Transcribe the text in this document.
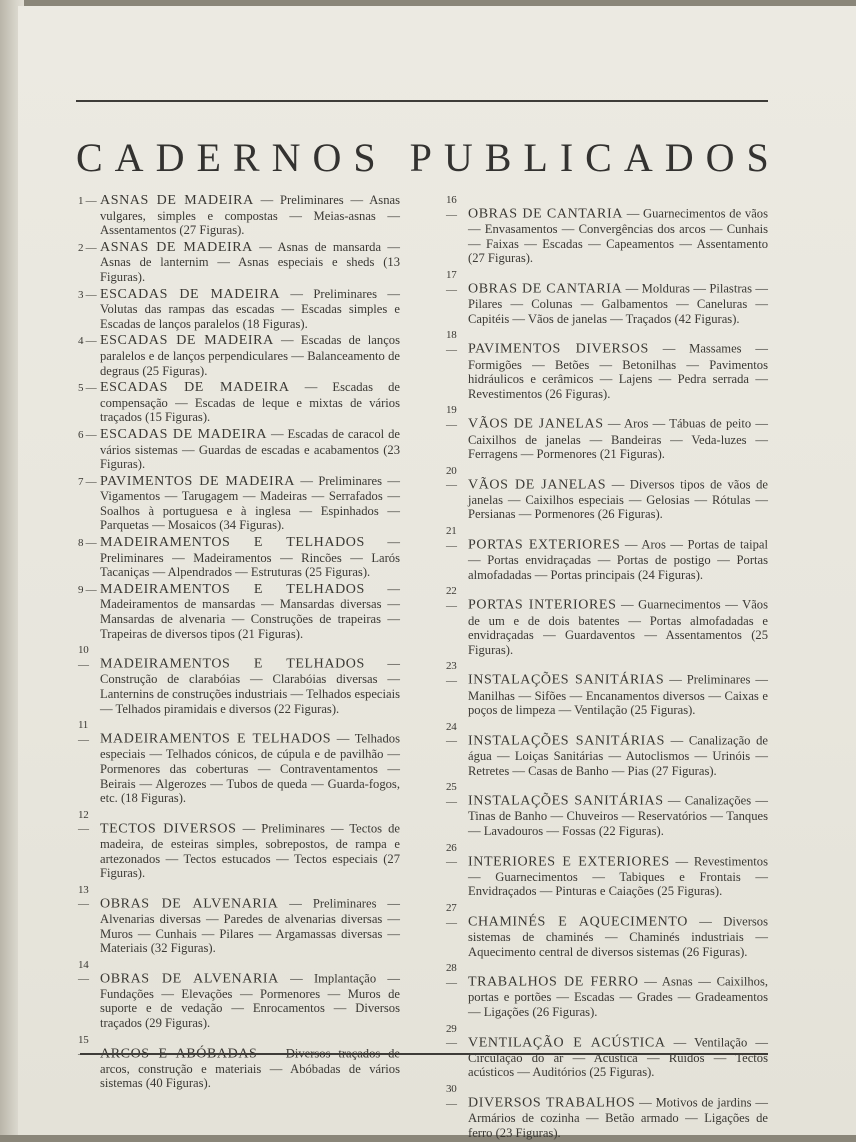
CADERNOS PUBLICADOS

1 —ASNAS DE MADEIRA — Preliminares — Asnas vulgares, simples e compostas — Meias-asnas — Assentamentos (27 Figuras).

2 —ASNAS DE MADEIRA — Asnas de mansarda — Asnas de lanternim — Asnas especiais e sheds (13 Figuras).

3 —ESCADAS DE MADEIRA — Preliminares — Volutas das rampas das escadas — Escadas simples e Escadas de lanços paralelos (18 Figuras).

4 —ESCADAS DE MADEIRA — Escadas de lanços paralelos e de lanços perpendiculares — Balanceamento de degraus (25 Figuras).

5 —ESCADAS DE MADEIRA — Escadas de compensação — Escadas de leque e mixtas de vários traçados (15 Figuras).

6 —ESCADAS DE MADEIRA — Escadas de caracol de vários sistemas — Guardas de escadas e acabamentos (23 Figuras).

7 —PAVIMENTOS DE MADEIRA — Preliminares — Vigamentos — Tarugagem — Madeiras — Serrafados — Soalhos à portuguesa e à inglesa — Espinhados — Parquetas — Mosaicos (34 Figuras).

8 —MADEIRAMENTOS E TELHADOS — Preliminares — Madeiramentos — Rincões — Larós Tacaniças — Alpendrados — Estruturas (25 Figuras).

9 —MADEIRAMENTOS E TELHADOS — Madeiramentos de mansardas — Mansardas diversas — Mansardas de alvenaria — Construções de trapeiras — Trapeiras de diversos tipos (21 Figuras).

10 —MADEIRAMENTOS E TELHADOS — Construção de clarabóias — Clarabóias diversas — Lanternins de construções industriais — Telhados especiais — Telhados piramidais e diversos (22 Figuras).

11 —MADEIRAMENTOS E TELHADOS — Telhados especiais — Telhados cónicos, de cúpula e de pavilhão — Pormenores das coberturas — Contraventamentos — Beirais — Algerozes — Tubos de queda — Guarda-fogos, etc. (18 Figuras).

12 —TECTOS DIVERSOS — Preliminares — Tectos de madeira, de esteiras simples, sobrepostos, de rampa e artezonados — Tectos estucados — Tectos especiais (27 Figuras).

13 —OBRAS DE ALVENARIA — Preliminares — Alvenarias diversas — Paredes de alvenarias diversas — Muros — Cunhais — Pilares — Argamassas diversas — Materiais (32 Figuras).

14 —OBRAS DE ALVENARIA — Implantação — Fundações — Elevações — Pormenores — Muros de suporte e de vedação — Enrocamentos — Diversos traçados (29 Figuras).

15 —ARCOS E ABÓBADAS — Diversos traçados de arcos, construção e materiais — Abóbadas de vários sistemas (40 Figuras).

16 —OBRAS DE CANTARIA — Guarnecimentos de vãos — Envasamentos — Convergências dos arcos — Cunhais — Faixas — Escadas — Capeamentos — Assentamento (27 Figuras).

17 —OBRAS DE CANTARIA — Molduras — Pilastras — Pilares — Colunas — Galbamentos — Caneluras — Capitéis — Vãos de janelas — Traçados (42 Figuras).

18 —PAVIMENTOS DIVERSOS — Massames — Formigões — Betões — Betonilhas — Pavimentos hidráulicos e cerâmicos — Lajens — Pedra serrada — Revestimentos (26 Figuras).

19 —VÃOS DE JANELAS — Aros — Tábuas de peito — Caixilhos de janelas — Bandeiras — Veda-luzes — Ferragens — Pormenores (21 Figuras).

20 —VÃOS DE JANELAS — Diversos tipos de vãos de janelas — Caixilhos especiais — Gelosias — Rótulas — Persianas — Pormenores (26 Figuras).

21 —PORTAS EXTERIORES — Aros — Portas de taipal — Portas envidraçadas — Portas de postigo — Portas almofadadas — Portas principais (24 Figuras).

22 —PORTAS INTERIORES — Guarnecimentos — Vãos de um e de dois batentes — Portas almofadadas e envidraçadas — Guardaventos — Assentamentos (25 Figuras).

23 —INSTALAÇÕES SANITÁRIAS — Preliminares — Manilhas — Sifões — Encanamentos diversos — Caixas e poços de limpeza — Ventilação (25 Figuras).

24 —INSTALAÇÕES SANITÁRIAS — Canalização de água — Loiças Sanitárias — Autoclismos — Urinóis — Retretes — Casas de Banho — Pias (27 Figuras).

25 —INSTALAÇÕES SANITÁRIAS — Canalizações — Tinas de Banho — Chuveiros — Reservatórios — Tanques — Lavadouros — Fossas (22 Figuras).

26 —INTERIORES E EXTERIORES — Revestimentos — Guarnecimentos — Tabiques e Frontais — Envidraçados — Pinturas e Caiações (25 Figuras).

27 —CHAMINÉS E AQUECIMENTO — Diversos sistemas de chaminés — Chaminés industriais — Aquecimento central de diversos sistemas (26 Figuras).

28 —TRABALHOS DE FERRO — Asnas — Caixilhos, portas e portões — Escadas — Grades — Gradeamentos — Ligações (26 Figuras).

29 —VENTILAÇÃO E ACÚSTICA — Ventilação — Circulação do ar — Acústica — Ruídos — Tectos acústicos — Auditórios (25 Figuras).

30 —DIVERSOS TRABALHOS — Motivos de jardins — Armários de cozinha — Betão armado — Ligações de ferro (23 Figuras).
